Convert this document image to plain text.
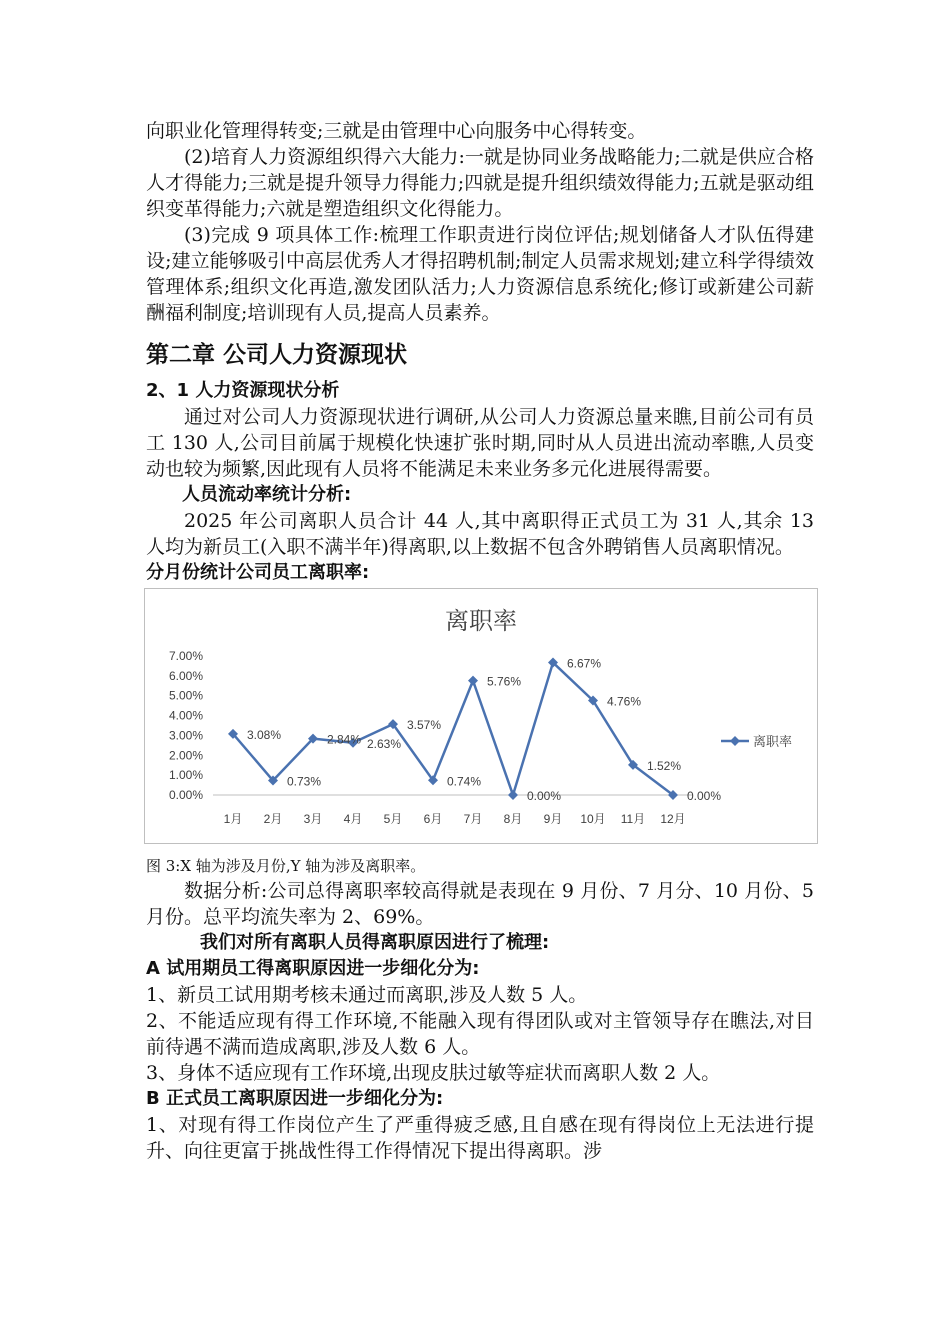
向职业化管理得转变;三就是由管理中心向服务中心得转变。

(2)培育人力资源组织得六大能力:一就是协同业务战略能力;二就是供应合格人才得能力;三就是提升领导力得能力;四就是提升组织绩效得能力;五就是驱动组织变革得能力;六就是塑造组织文化得能力。

(3)完成 9 项具体工作:梳理工作职责进行岗位评估;规划储备人才队伍得建设;建立能够吸引中高层优秀人才得招聘机制;制定人员需求规划;建立科学得绩效管理体系;组织文化再造,激发团队活力;人力资源信息系统化;修订或新建公司薪酬福利制度;培训现有人员,提高人员素养。

第二章 公司人力资源现状
2、1 人力资源现状分析

通过对公司人力资源现状进行调研,从公司人力资源总量来瞧,目前公司有员工 130 人,公司目前属于规模化快速扩张时期,同时从人员进出流动率瞧,人员变动也较为频繁,因此现有人员将不能满足未来业务多元化进展得需要。

人员流动率统计分析:

2025 年公司离职人员合计 44 人,其中离职得正式员工为 31 人,其余 13 人均为新员工(入职不满半年)得离职,以上数据不包含外聘销售人员离职情况。

分月份统计公司员工离职率:

离职率
0.00%
1.00%
2.00%
3.00%
4.00%
5.00%
6.00%
7.00%
1月 2月 3月 4月 5月 6月 7月 8月 9月 10月 11月 12月
3.08%
0.73%
2.84% 2.63%
3.57%
0.74%
5.76%
0.00%
6.67%
4.76%
1.52%
0.00%
离职率
图 3:X 轴为涉及月份,Y 轴为涉及离职率。

数据分析:公司总得离职率较高得就是表现在 9 月份、7 月分、10 月份、5 月份。总平均流失率为 2、69%。

我们对所有离职人员得离职原因进行了梳理:

A 试用期员工得离职原因进一步细化分为:

1、新员工试用期考核未通过而离职,涉及人数 5 人。

2、不能适应现有得工作环境,不能融入现有得团队或对主管领导存在瞧法,对目前待遇不满而造成离职,涉及人数 6 人。

3、身体不适应现有工作环境,出现皮肤过敏等症状而离职人数 2 人。

B 正式员工离职原因进一步细化分为:

1、对现有得工作岗位产生了严重得疲乏感,且自感在现有得岗位上无法进行提升、向往更富于挑战性得工作得情况下提出得离职。涉
